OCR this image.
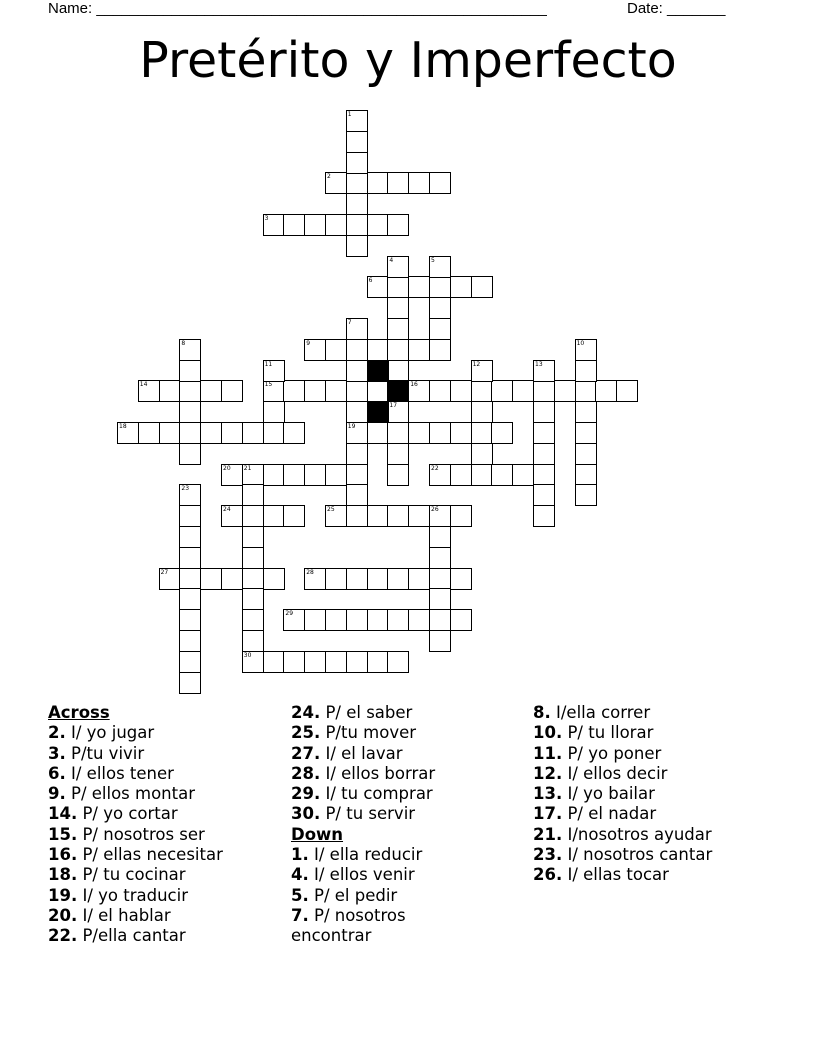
Name: ______________________________________________________	Date: _______
Pretérito y Imperfecto
1
2
3
4	5
6
7
8	9	10
11	12	13
14	15	16
17
18	19
20 21	22
23
24	25	26
27	28
29
30
Across
2. I/ yo jugar
3. P/tu vivir
6. I/ ellos tener
9. P/ ellos montar
14. P/ yo cortar
15. P/ nosotros ser
16. P/ ellas necesitar
18. P/ tu cocinar
19. I/ yo traducir
20. I/ el hablar
22. P/ella cantar
24. P/ el saber
25. P/tu mover
27. I/ el lavar
28. I/ ellos borrar
29. I/ tu comprar
30. P/ tu servir
Down
1. I/ ella reducir
4. I/ ellos venir
5. P/ el pedir
7. P/ nosotros encontrar
8. I/ella correr
10. P/ tu llorar
11. P/ yo poner
12. I/ ellos decir
13. I/ yo bailar
17. P/ el nadar
21. I/nosotros ayudar
23. I/ nosotros cantar
26. I/ ellas tocar
